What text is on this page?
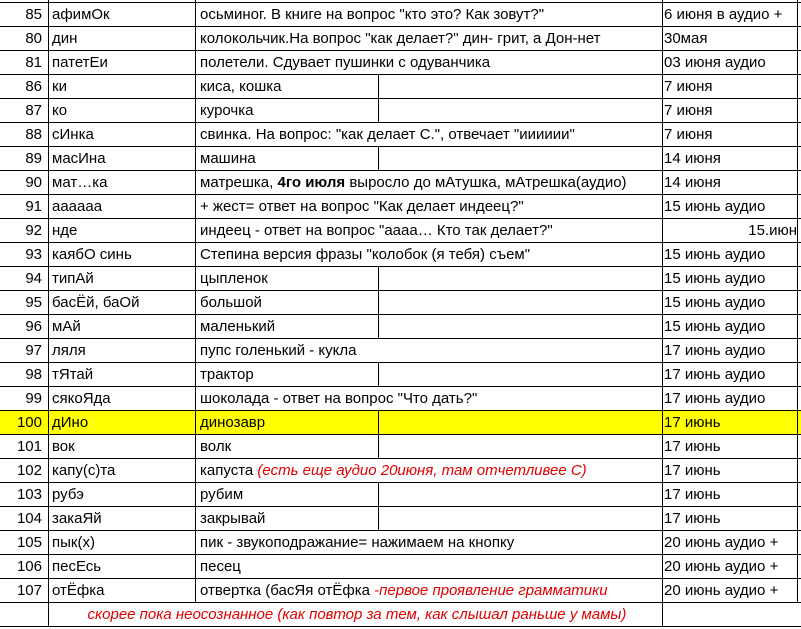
85 афимОк	осьминог. В книге на вопрос "кто это? Как зовут?"	6 июня в аудио +
80 дин	колокольчик.На вопрос "как делает?" дин- грит, а Дон-нет	30мая
81 патетЕи	полетели. Сдувает пушинки с одуванчика	03 июня аудио
86 ки	киса, кошка	7 июня
87 ко	курочка	7 июня
88 сИнка	свинка. На вопрос: "как делает С.", отвечает "ииииии"	7 июня
89 масИна	машина	14 июня
90 мат…ка	матрешка, 4го июля выросло до мАтушка, мАтрешка(аудио)	14 июня
91 аааааа	+ жест= ответ на вопрос "Как делает индеец?"	15 июнь аудио
92 нде	индеец - ответ на вопрос "аааа… Кто так делает?"	15.июн
93 каябО синь	Степина версия фразы "колобок (я тебя) съем"	15 июнь аудио
94 типАй	цыпленок	15 июнь аудио
95 басЁй, баОй	большой	15 июнь аудио
96 мАй	маленький	15 июнь аудио
97 ляля	пупс голенький - кукла	17 июнь аудио
98 тЯтай	трактор	17 июнь аудио
99 сякоЯда	шоколада - ответ на вопрос "Что дать?"	17 июнь аудио
100 дИно	динозавр	17 июнь
101 вок	волк	17 июнь
102 капу(с)та	капуста (есть еще аудио 20июня, там отчетливее С)	17 июнь
103 рубэ	рубим	17 июнь
104 закаЯй	закрывай	17 июнь
105 пык(х)	пик - звукоподражание= нажимаем на кнопку	20 июнь аудио +
106 песЕсь	песец	20 июнь аудио +
107 отЁфка	отвертка (басЯя отЁфка -первое проявление грамматики	20 июнь аудио +
скорее пока неосознанное (как повтор за тем, как слышал раньше у мамы)
